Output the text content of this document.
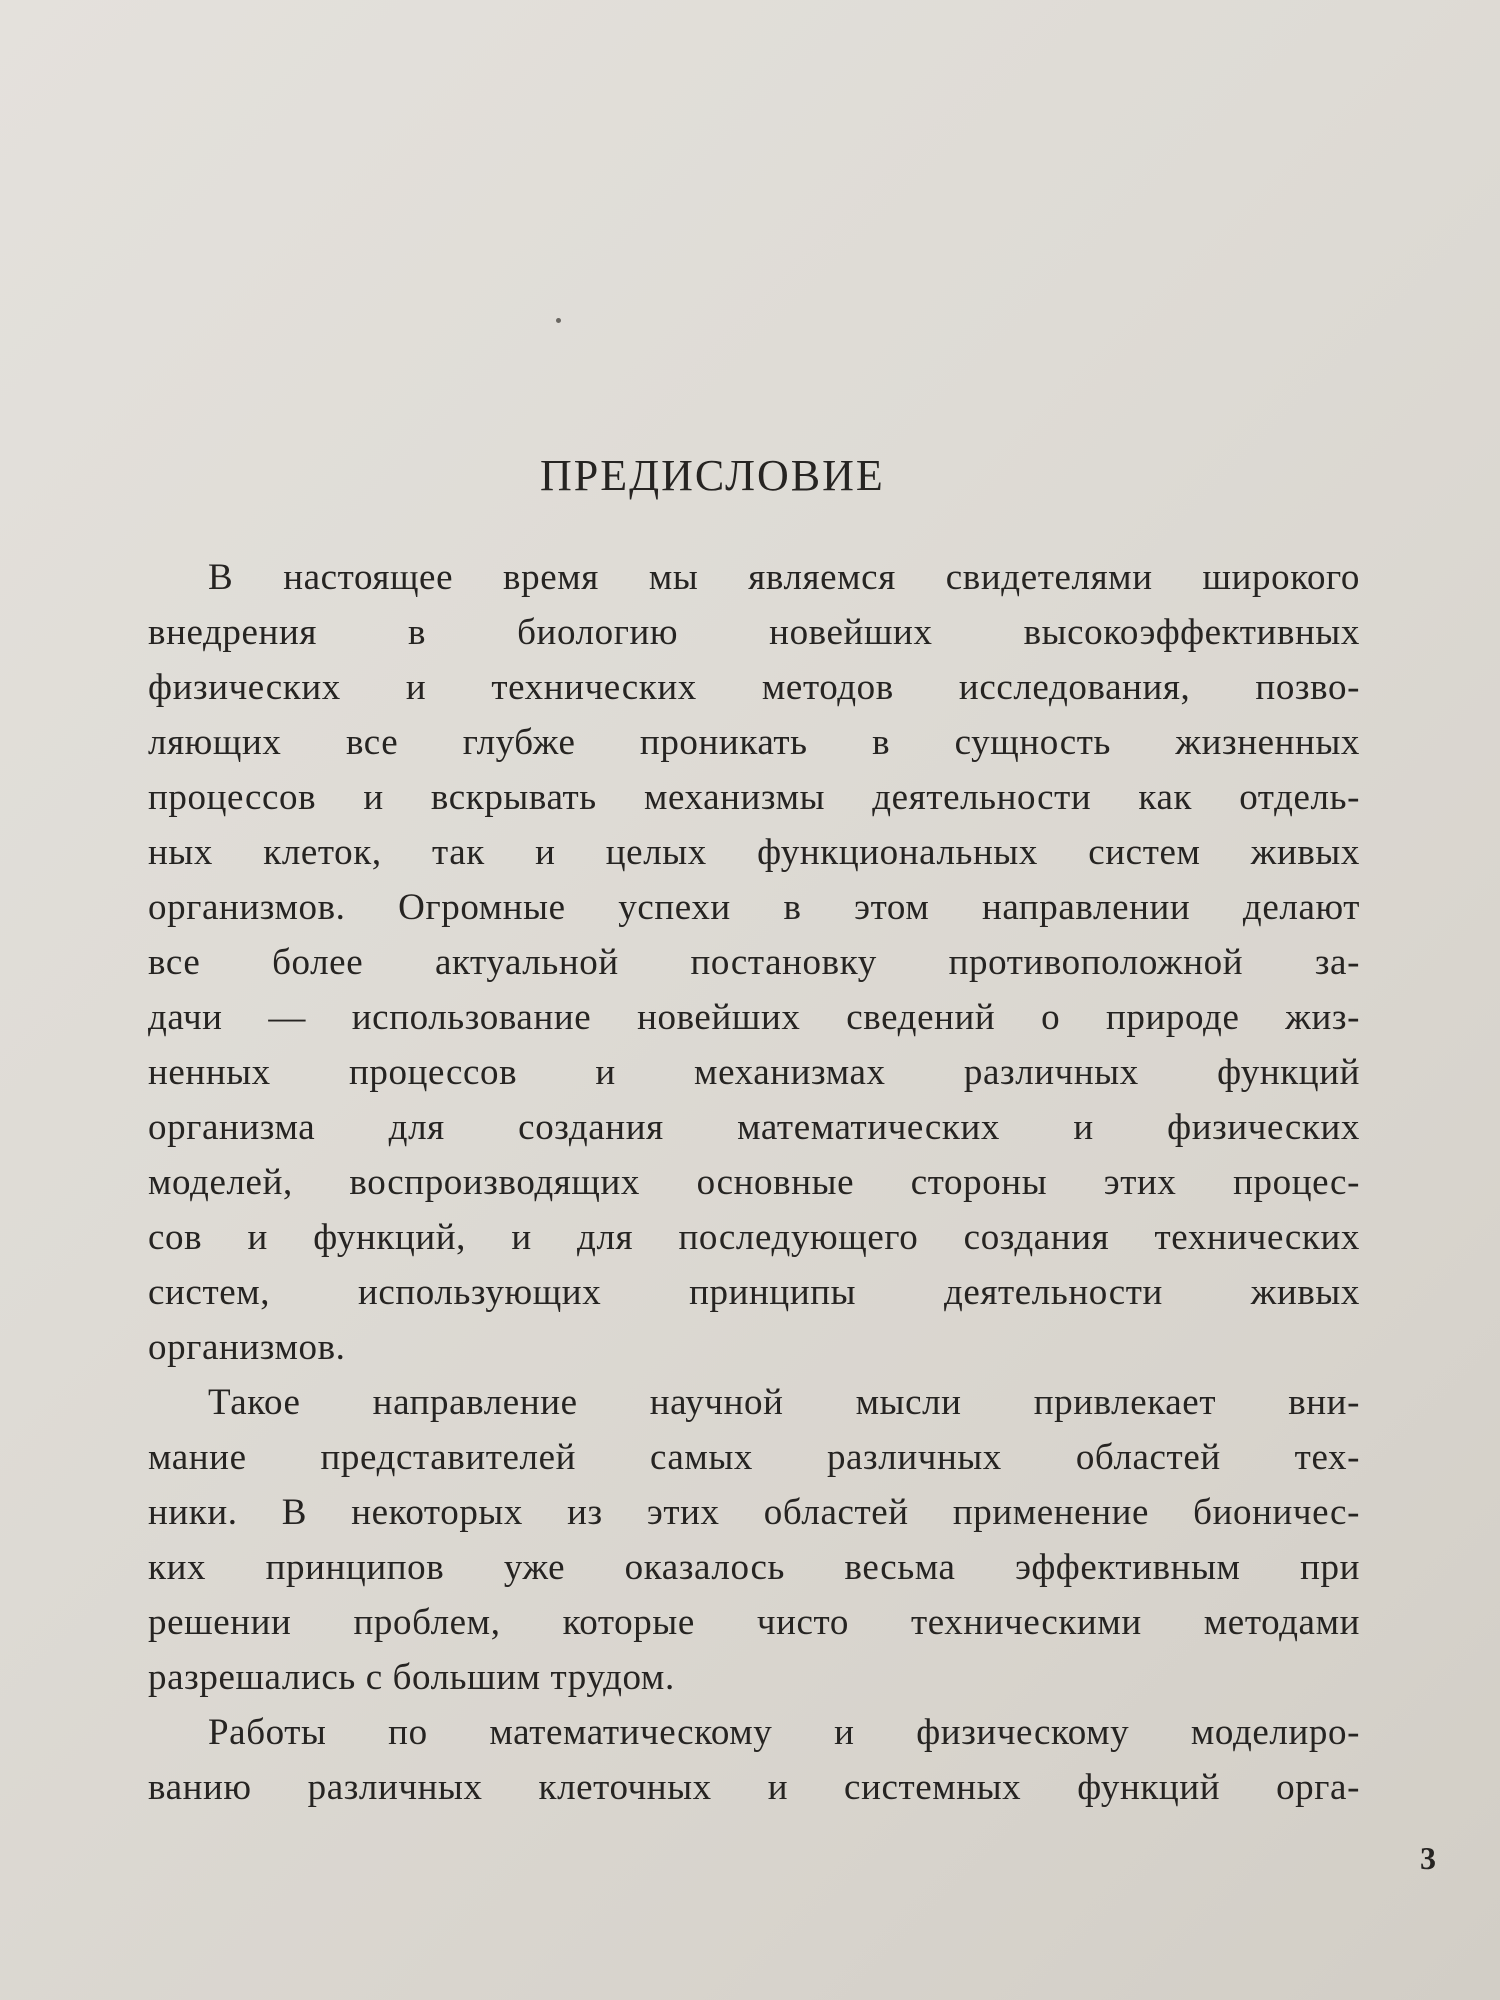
ПРЕДИСЛОВИЕ
В настоящее время мы являемся свидетелями широкого
внедрения в биологию новейших высокоэффективных
физических и технических методов исследования, позво-
ляющих все глубже проникать в сущность жизненных
процессов и вскрывать механизмы деятельности как отдель-
ных клеток, так и целых функциональных систем живых
организмов. Огромные успехи в этом направлении делают
все более актуальной постановку противоположной за-
дачи — использование новейших сведений о природе жиз-
ненных процессов и механизмах различных функций
организма для создания математических и физических
моделей, воспроизводящих основные стороны этих процес-
сов и функций, и для последующего создания технических
систем, использующих принципы деятельности живых
организмов.
Такое направление научной мысли привлекает вни-
мание представителей самых различных областей тех-
ники. В некоторых из этих областей применение бионичес-
ких принципов уже оказалось весьма эффективным при
решении проблем, которые чисто техническими методами
разрешались с большим трудом.
Работы по математическому и физическому моделиро-
ванию различных клеточных и системных функций орга-
3
